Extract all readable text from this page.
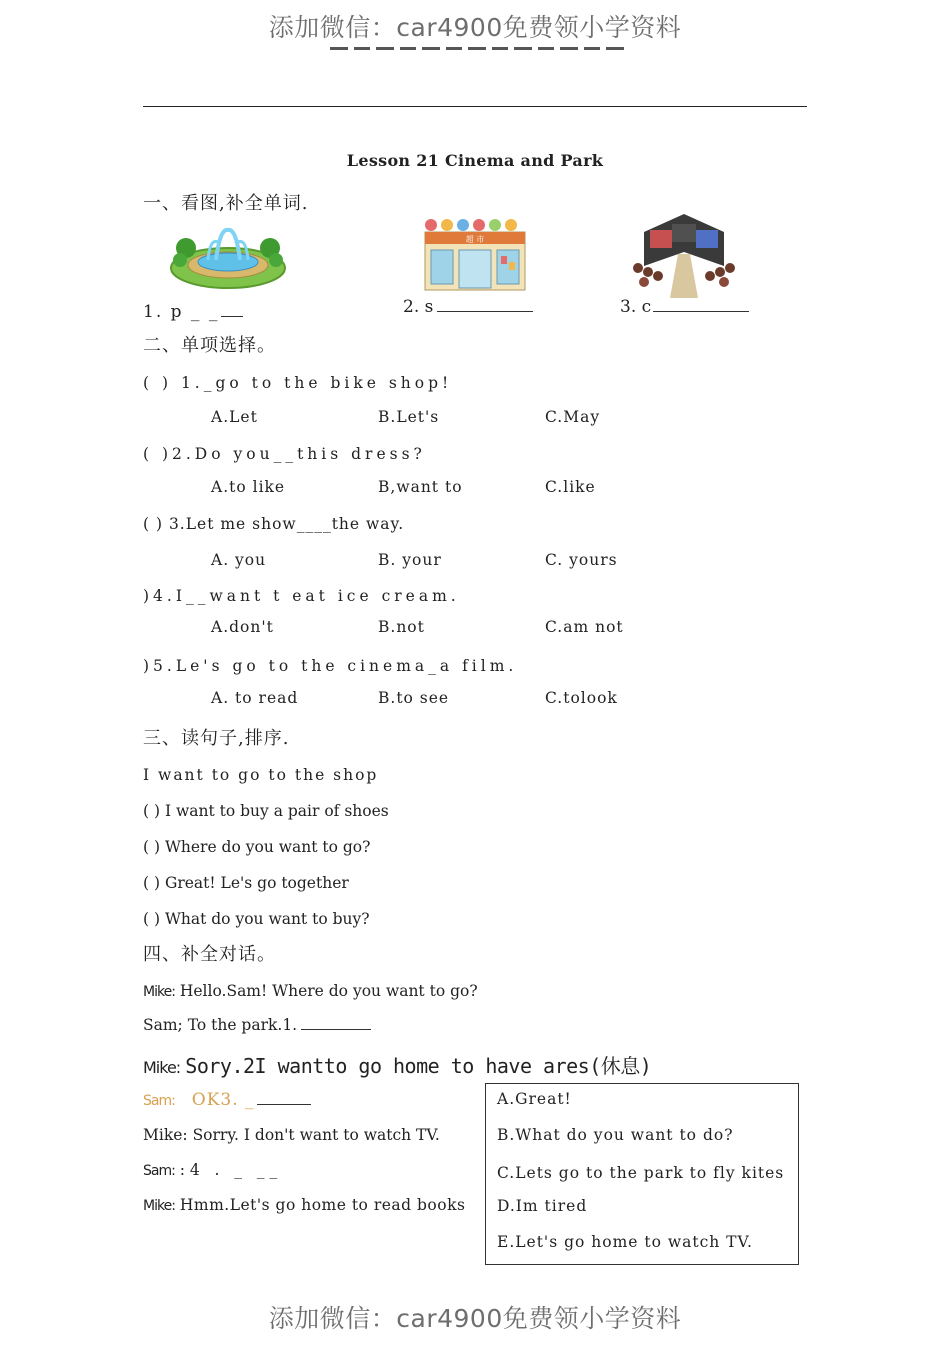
添加微信：car4900免费领小学资料
Lesson 21 Cinema and Park
一、看图,补全单词.
超 市
1. p _ _	2. s	3. c
二、单项选择。
( ) 1._go to the bike shop!
A.Let	B.Let's	C.May
( )2.Do you__this dress?
A.to like	B,want to	C.like
( ) 3.Let me show____the way.
A. you	B. your	C. yours
)4.I__want t eat ice cream.
A.don't	B.not	C.am not
)5.Le's go to the cinema_a film.
A. to read	B.to see	C.tolook
三、读句子,排序.
I want to go to the shop
( ) I want to buy a pair of shoes
( ) Where do you want to go?
( ) Great! Le's go together
( ) What do you want to buy?
四、补全对话。
Mike: Hello.Sam! Where do you want to go?
Sam; To the park.1.
Mike: Sory.2I wantto go home to have ares(休息)
Sam: OK3. _
Mike: Sorry. I don't want to watch TV.
Sam: : 4   .   _   _ _
Mike: Hmm.Let's go home to read books
A.Great!
B.What do you want to do?
C.Lets go to the park to fly kites
D.Im tired
E.Let's go home to watch TV.
添加微信：car4900免费领小学资料
